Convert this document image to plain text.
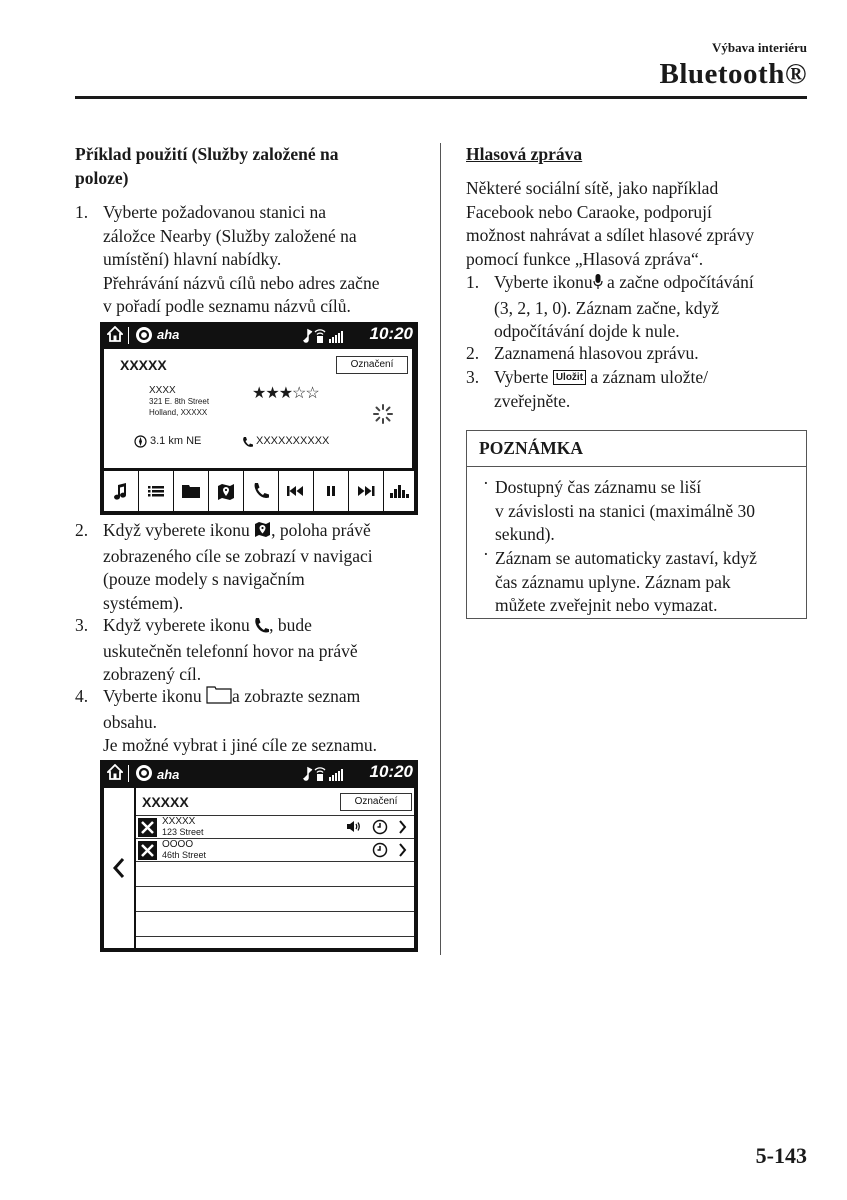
Výbava interiéru
Bluetooth®
Příklad použití (Služby založené na
poloze)
1. Vyberte požadovanou stanici na
záložce Nearby (Služby založené na
umístění) hlavní nabídky.
Přehrávání názvů cílů nebo adres začne
v pořadí podle seznamu názvů cílů.
aha	10:20
XXXXX	Označení
XXXX
321 E. 8th Street
Holland, XXXXX
★★★☆☆
3.1 km NE	XXXXXXXXXX
2. Když vyberete ikonu , poloha právě
zobrazeného cíle se zobrazí v navigaci
(pouze modely s navigačním
systémem).
3. Když vyberete ikonu , bude
uskutečněn telefonní hovor na právě
zobrazený cíl.
4. Vyberte ikonu a zobrazte seznam
obsahu.
Je možné vybrat i jiné cíle ze seznamu.
aha	10:20
XXXXX	Označení
XXXXX
123 Street
OOOO
46th Street
Hlasová zpráva
Některé sociální sítě, jako například
Facebook nebo Caraoke, podporují
možnost nahrávat a sdílet hlasové zprávy
pomocí funkce „Hlasová zpráva“.
1. Vyberte ikonu a začne odpočítávání
(3, 2, 1, 0). Záznam začne, když
odpočítávání dojde k nule.
2. Zaznamená hlasovou zprávu.
3. Vyberte Uložit a záznam uložte/
zveřejněte.
POZNÁMKA
· Dostupný čas záznamu se liší
v závislosti na stanici (maximálně 30
sekund).
· Záznam se automaticky zastaví, když
čas záznamu uplyne. Záznam pak
můžete zveřejnit nebo vymazat.
5-143
